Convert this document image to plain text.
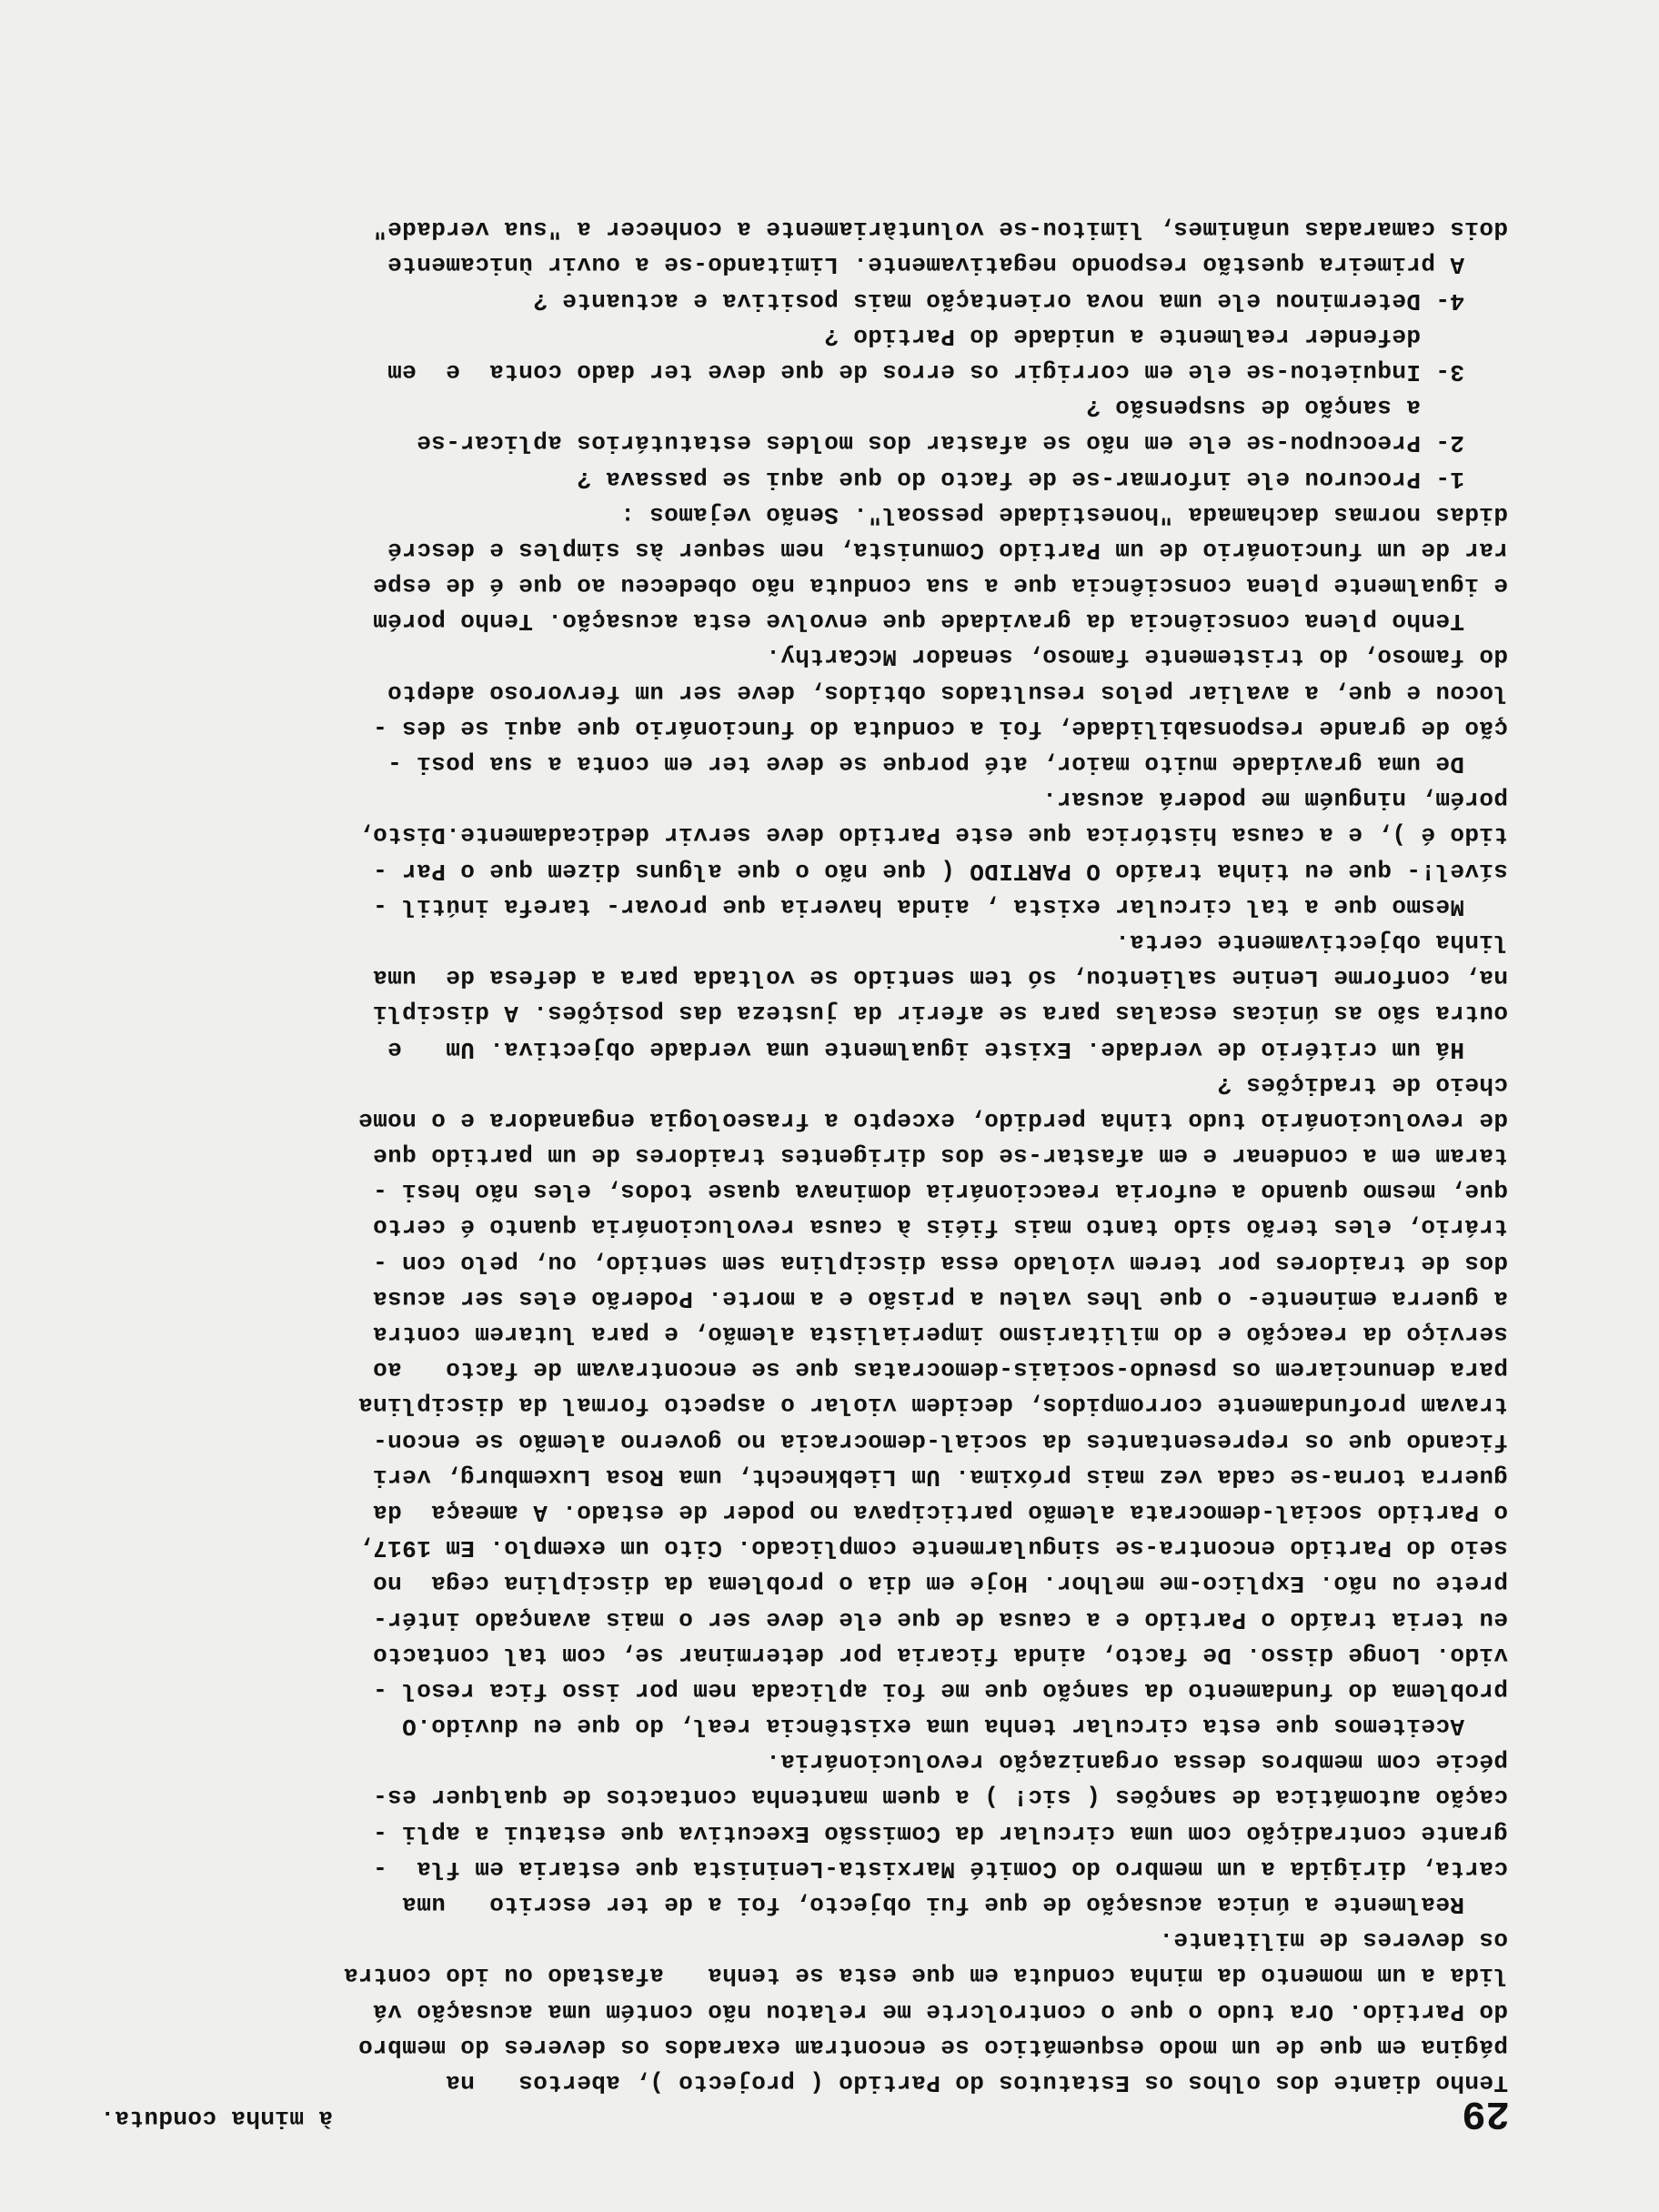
29
à minha conduta.
Tenho diante dos olhos os Estatutos do Partido ( projecto ), abertos   na
página em que de um modo esquemático se encontram exarados os deveres do membro
do Partido. Ora tudo o que o controlcrte me relatou não contém uma acusação vá
lida a um momento da minha conduta em que esta se tenha   afastado ou ido contra
os deveres de militante.
Realmente a única acusação de que fui objecto, foi a de ter escrito   uma
carta, dirigida a um membro do Comité Marxista-Leninista que estaria em fla  -
grante contradição com uma circular da Comissão Executiva que estatui a apli -
cação automática de sanções ( sic! ) a quem mantenha contactos de qualquer es-
pécie com membros dessa organização revolucionária.
Aceitemos que esta circular tenha uma existência real, do que eu duvido.O
problema do fundamento da sanção que me foi aplicada nem por isso fica resol -
vido. Longe disso. De facto, ainda ficaria por determinar se, com tal contacto
eu teria traído o Partido e a causa de que ele deve ser o mais avançado intér-
prete ou não. Explico-me melhor. Hoje em dia o problema da disciplina cega  no
seio do Partido encontra-se singularmente complicado. Cito um exemplo. Em 1917,
o Partido social-democrata alemão participava no poder de estado. A ameaça  da
guerra torna-se cada vez mais próxima. Um Liebknecht, uma Rosa Luxemburg, veri
ficando que os representantes da social-democracia no governo alemão se encon-
travam profundamente corrompidos, decidem violar o aspecto formal da disciplina
para denunciarem os pseudo-sociais-democratas que se encontravam de facto   ao
serviço da reacção e do militarismo imperialista alemão, e para lutarem contra
a guerra eminente- o que lhes valeu a prisão e a morte. Poderão eles ser acusa
dos de traidores por terem violado essa disciplina sem sentido, ou, pelo con -
trário, eles terão sido tanto mais fiéis à causa revolucionária quanto é certo
que, mesmo quando a euforia reaccionária dominava quase todos, eles não hesi -
taram em a condenar e em afastar-se dos dirigentes traidores de um partido que
de revolucionário tudo tinha perdido, excepto a fraseologia enganadora e o nome
cheio de tradições ?
Há um critério de verdade. Existe igualmente uma verdade objectiva. Um   e
outra são as únicas escalas para se aferir da justeza das posições. A discipli
na, conforme Lenine salientou, só tem sentido se voltada para a defesa de  uma
linha objectivamente certa.
Mesmo que a tal circular exista , ainda haveria que provar- tarefa inútil -
sível!- que eu tinha traído O PARTIDO ( que não o que alguns dizem que o Par -
tido é ), e a causa histórica que este Partido deve servir dedicadamente.Disto,
porém, ninguém me poderá acusar.
De uma gravidade muito maior, até porque se deve ter em conta a sua posi -
ção de grande responsabilidade, foi a conduta do funcionário que aqui se des -
locou e que, a avaliar pelos resultados obtidos, deve ser um fervoroso adepto
do famoso, do tristemente famoso, senador McCarthy.
Tenho plena consciência da gravidade que envolve esta acusação. Tenho porém
e igualmente plena consciência que a sua conduta não obedeceu ao que é de espe
rar de um funcionário de um Partido Comunista, nem sequer às simples e descré
didas normas dachamada "honestidade pessoal". Senão vejamos :
1- Procurou ele informar-se de facto do que aqui se passava ?
2- Preocupou-se ele em não se afastar dos moldes estatutários aplicar-se
a sanção de suspensão ?
3- Inquietou-se ele em corrigir os erros de que deve ter dado conta  e  em
defender realmente a unidade do Partido ?
4- Determinou ele uma nova orientação mais positiva e actuante ?
A primeira questão respondo negativamente. Limitando-se a ouvir ùnicamente
dois camaradas unânimes, limitou-se voluntàriamente a conhecer a "sua verdade"
